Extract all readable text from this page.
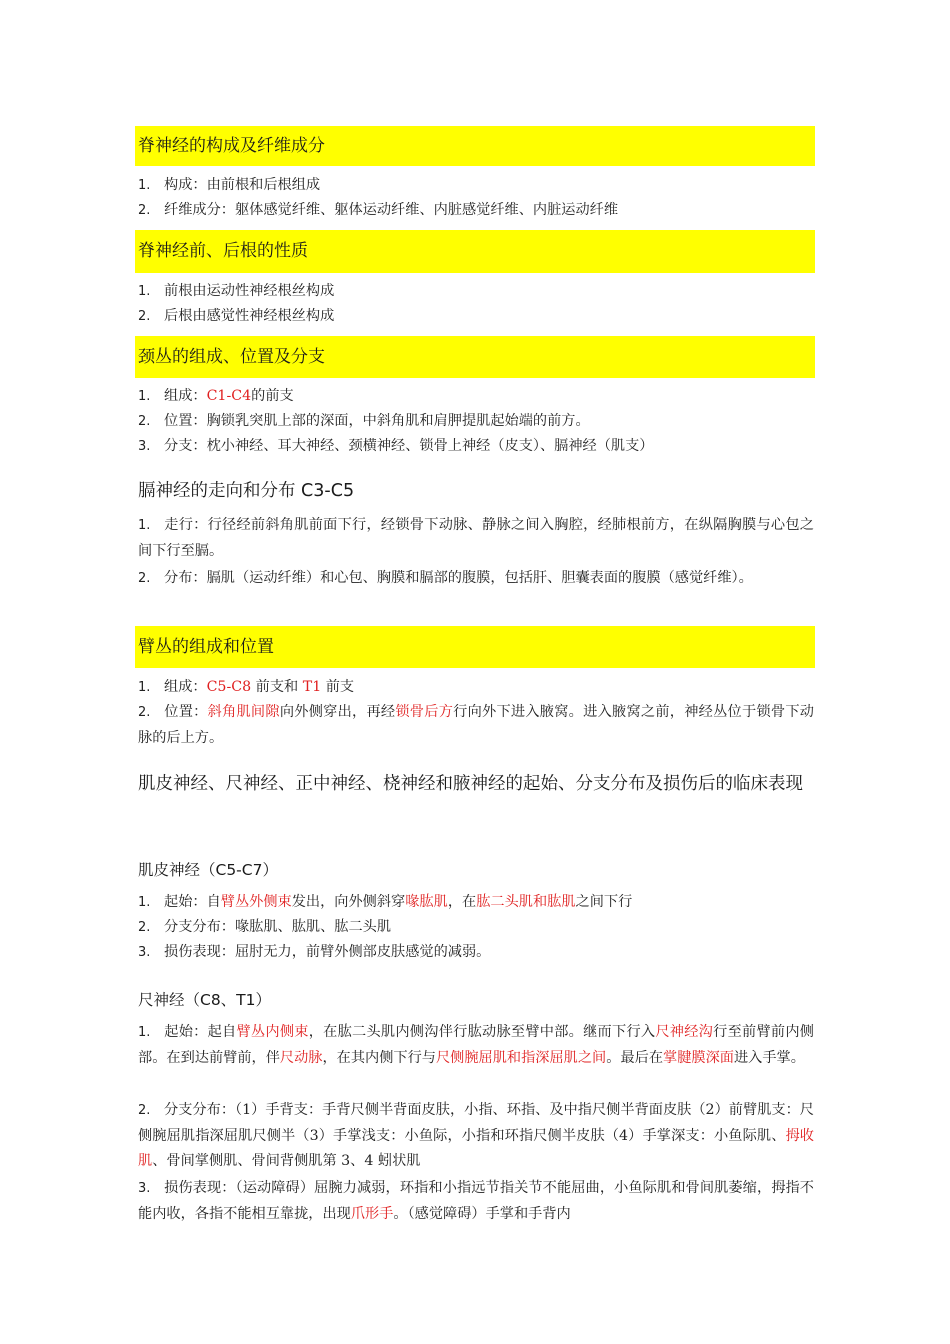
脊神经的构成及纤维成分
1. 构成：由前根和后根组成
2. 纤维成分：躯体感觉纤维、躯体运动纤维、内脏感觉纤维、内脏运动纤维
脊神经前、后根的性质
1. 前根由运动性神经根丝构成
2. 后根由感觉性神经根丝构成
颈丛的组成、位置及分支
1. 组成：C1-C4的前支
2. 位置：胸锁乳突肌上部的深面，中斜角肌和肩胛提肌起始端的前方。
3. 分支：枕小神经、耳大神经、颈横神经、锁骨上神经（皮支）、膈神经（肌支）
膈神经的走向和分布 C3-C5
1. 走行：行径经前斜角肌前面下行，经锁骨下动脉、静脉之间入胸腔，经肺根前方，在纵隔胸膜与心包之间下行至膈。
2. 分布：膈肌（运动纤维）和心包、胸膜和膈部的腹膜，包括肝、胆囊表面的腹膜（感觉纤维）。
臂丛的组成和位置
1. 组成：C5-C8 前支和 T1 前支
2. 位置：斜角肌间隙向外侧穿出，再经锁骨后方行向外下进入腋窝。进入腋窝之前，神经丛位于锁骨下动脉的后上方。
肌皮神经、尺神经、正中神经、桡神经和腋神经的起始、分支分布及损伤后的临床表现
肌皮神经（C5-C7）
1. 起始：自臂丛外侧束发出，向外侧斜穿喙肱肌，在肱二头肌和肱肌之间下行
2. 分支分布：喙肱肌、肱肌、肱二头肌
3. 损伤表现：屈肘无力，前臂外侧部皮肤感觉的减弱。
尺神经（C8、T1）
1. 起始：起自臂丛内侧束，在肱二头肌内侧沟伴行肱动脉至臂中部。继而下行入尺神经沟行至前臂前内侧部。在到达前臂前，伴尺动脉，在其内侧下行与尺侧腕屈肌和指深屈肌之间。最后在掌腱膜深面进入手掌。
2. 分支分布：（1）手背支：手背尺侧半背面皮肤，小指、环指、及中指尺侧半背面皮肤（2）前臂肌支：尺侧腕屈肌指深屈肌尺侧半（3）手掌浅支：小鱼际，小指和环指尺侧半皮肤（4）手掌深支：小鱼际肌、拇收肌、骨间掌侧肌、骨间背侧肌第 3、4 蚓状肌
3. 损伤表现：（运动障碍）屈腕力减弱，环指和小指远节指关节不能屈曲，小鱼际肌和骨间肌萎缩，拇指不能内收，各指不能相互靠拢，出现爪形手。（感觉障碍）手掌和手背内
